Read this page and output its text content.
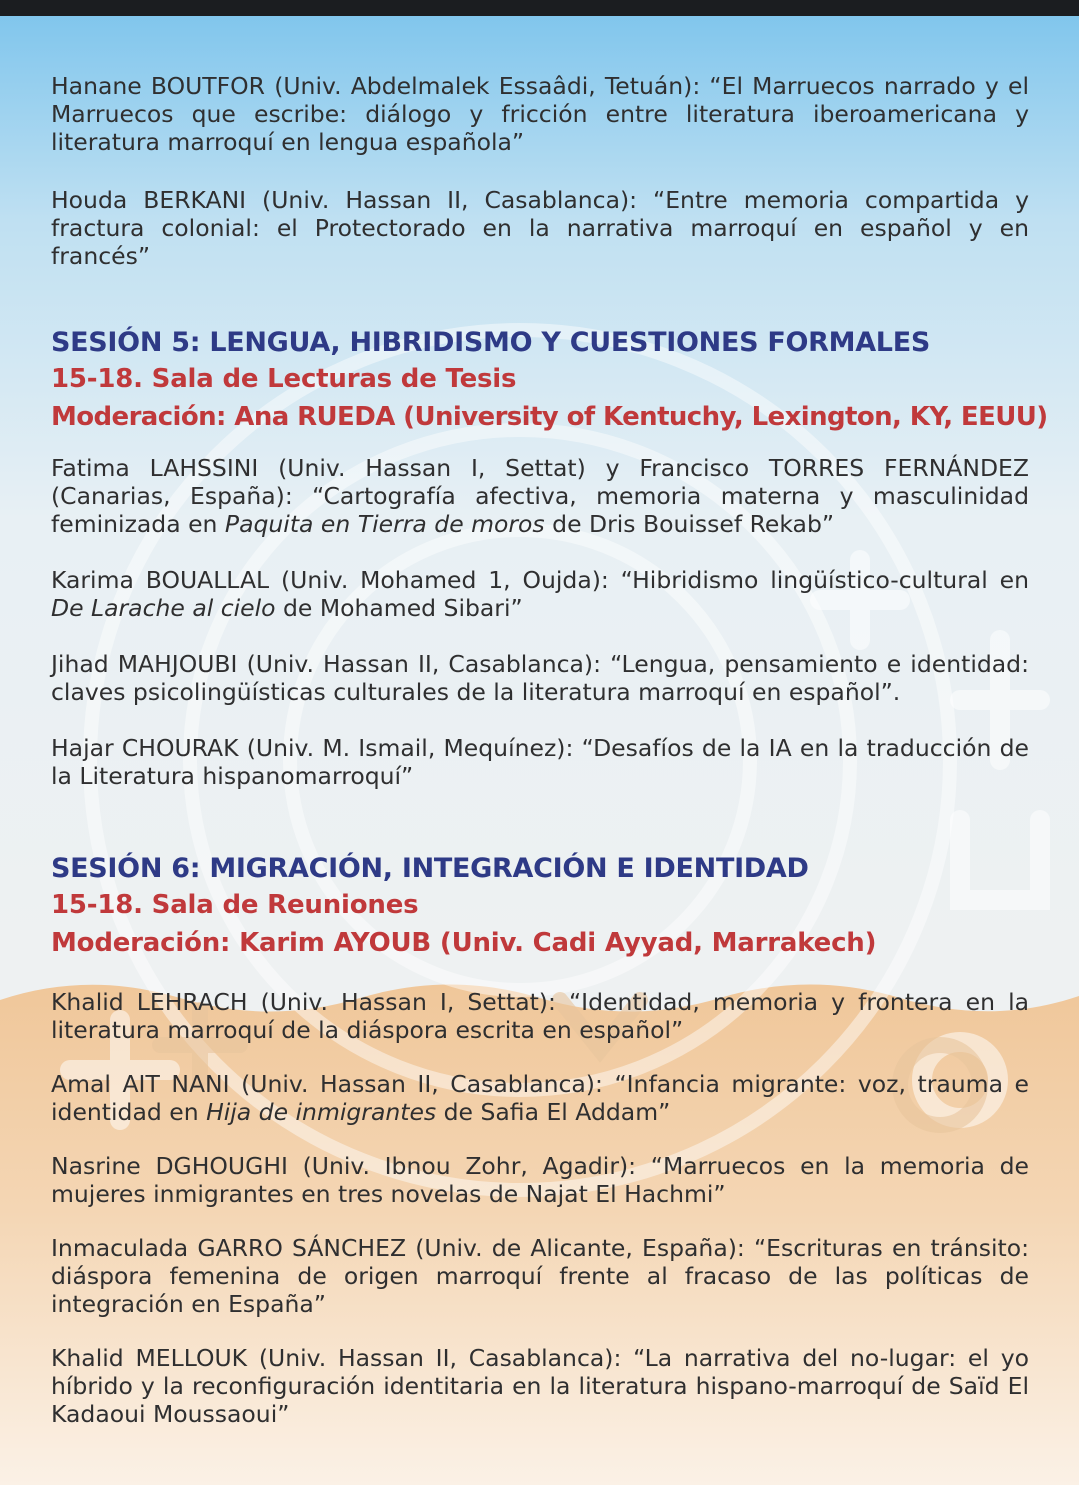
Hanane BOUTFOR (Univ. Abdelmalek Essaâdi, Tetuán): “El Marruecos narrado y el Marruecos que escribe: diálogo y fricción entre literatura iberoamericana y literatura marroquí en lengua española”

Houda BERKANI (Univ. Hassan II, Casablanca): “Entre memoria compartida y fractura colonial: el Protectorado en la narrativa marroquí en español y en francés”

SESIÓN 5: LENGUA, HIBRIDISMO Y CUESTIONES FORMALES

15-18. Sala de Lecturas de Tesis

Moderación: Ana RUEDA (University of Kentuchy, Lexington, KY, EEUU)

Fatima LAHSSINI (Univ. Hassan I, Settat) y Francisco TORRES FERNÁNDEZ (Canarias, España): “Cartografía afectiva, memoria materna y masculinidad feminizada en Paquita en Tierra de moros de Dris Bouissef Rekab”

Karima BOUALLAL (Univ. Mohamed 1, Oujda): “Hibridismo lingüístico-cultural en De Larache al cielo de Mohamed Sibari”

Jihad MAHJOUBI (Univ. Hassan II, Casablanca): “Lengua, pensamiento e identidad: claves psicolingüísticas culturales de la literatura marroquí en español”.

Hajar CHOURAK (Univ. M. Ismail, Mequínez): “Desafíos de la IA en la traducción de la Literatura hispanomarroquí”

SESIÓN 6: MIGRACIÓN, INTEGRACIÓN E IDENTIDAD

15-18. Sala de Reuniones

Moderación: Karim AYOUB (Univ. Cadi Ayyad, Marrakech)

Khalid LEHRACH (Univ. Hassan I, Settat): “Identidad, memoria y frontera en la literatura marroquí de la diáspora escrita en español”

Amal AIT NANI (Univ. Hassan II, Casablanca): “Infancia migrante: voz, trauma e identidad en Hija de inmigrantes de Safia El Addam”

Nasrine DGHOUGHI (Univ. Ibnou Zohr, Agadir): “Marruecos en la memoria de mujeres inmigrantes en tres novelas de Najat El Hachmi”

Inmaculada GARRO SÁNCHEZ (Univ. de Alicante, España): “Escrituras en tránsito: diáspora femenina de origen marroquí frente al fracaso de las políticas de integración en España”

Khalid MELLOUK (Univ. Hassan II, Casablanca): “La narrativa del no-lugar: el yo híbrido y la reconfiguración identitaria en la literatura hispano-marroquí de Saïd El Kadaoui Moussaoui”
